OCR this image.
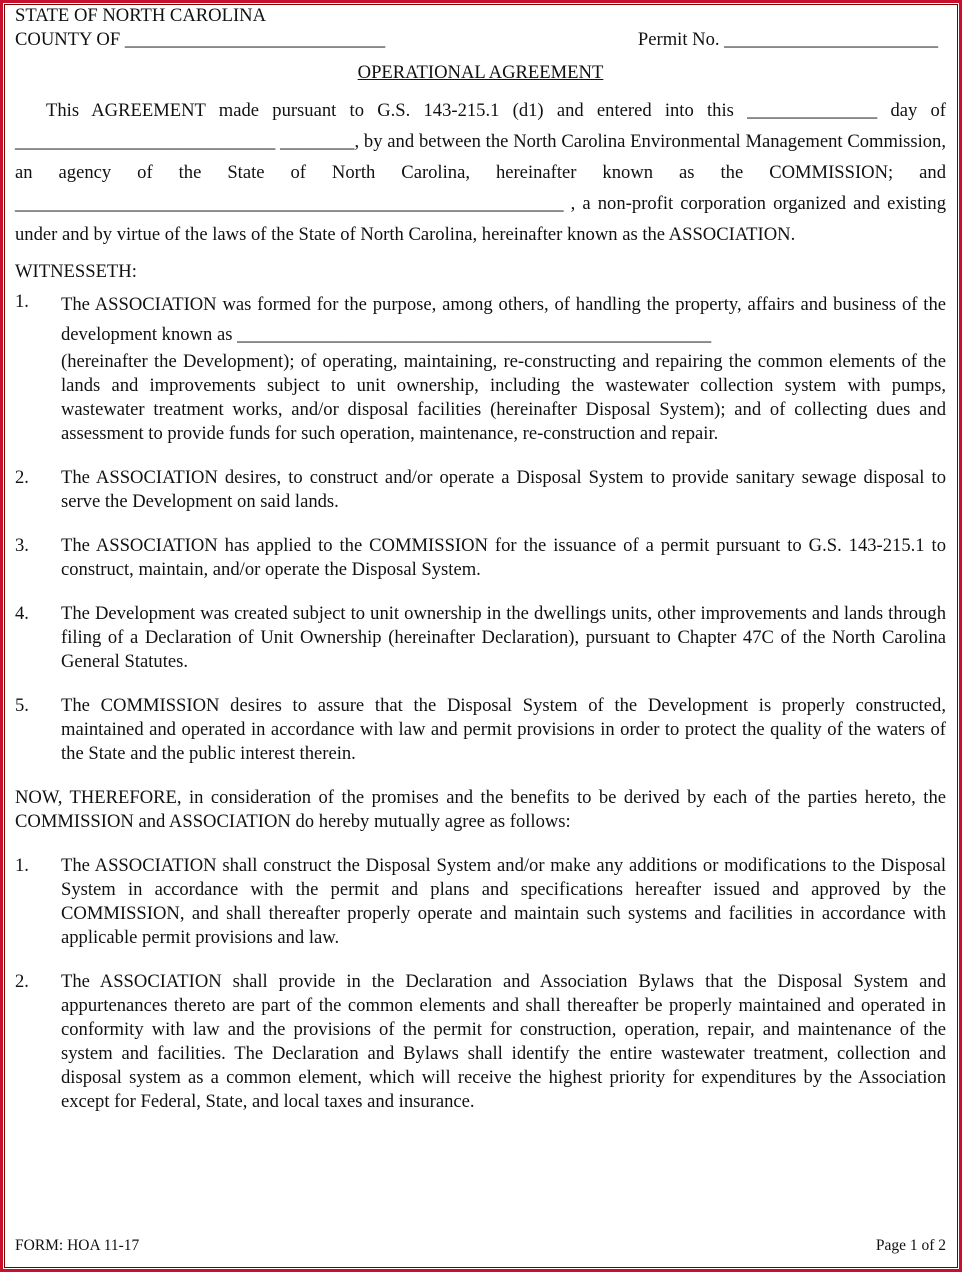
STATE OF NORTH CAROLINA
COUNTY OF ____________________________	Permit No. _______________________
OPERATIONAL AGREEMENT
This AGREEMENT made pursuant to G.S. 143-215.1 (d1) and entered into this ______________ day of ____________________________ ________, by and between the North Carolina Environmental Management Commission, an agency of the State of North Carolina, hereinafter known as the COMMISSION; and ___________________________________________________________ , a non-profit corporation organized and existing under and by virtue of the laws of the State of North Carolina, hereinafter known as the ASSOCIATION.
WITNESSETH:
1.	The ASSOCIATION was formed for the purpose, among others, of handling the property, affairs and business of the development known as ___________________________________________________
(hereinafter the Development); of operating, maintaining, re-constructing and repairing the common elements of the lands and improvements subject to unit ownership, including the wastewater collection system with pumps, wastewater treatment works, and/or disposal facilities (hereinafter Disposal System); and of collecting dues and assessment to provide funds for such operation, maintenance, re-construction and repair.
2.	The ASSOCIATION desires, to construct and/or operate a Disposal System to provide sanitary sewage disposal to serve the Development on said lands.
3.	The ASSOCIATION has applied to the COMMISSION for the issuance of a permit pursuant to G.S. 143-215.1 to construct, maintain, and/or operate the Disposal System.
4.	The Development was created subject to unit ownership in the dwellings units, other improvements and lands through filing of a Declaration of Unit Ownership (hereinafter Declaration), pursuant to Chapter 47C of the North Carolina General Statutes.
5.	The COMMISSION desires to assure that the Disposal System of the Development is properly constructed, maintained and operated in accordance with law and permit provisions in order to protect the quality of the waters of the State and the public interest therein.
NOW, THEREFORE, in consideration of the promises and the benefits to be derived by each of the parties hereto, the COMMISSION and ASSOCIATION do hereby mutually agree as follows:
1.	The ASSOCIATION shall construct the Disposal System and/or make any additions or modifications to the Disposal System in accordance with the permit and plans and specifications hereafter issued and approved by the COMMISSION, and shall thereafter properly operate and maintain such systems and facilities in accordance with applicable permit provisions and law.
2.	The ASSOCIATION shall provide in the Declaration and Association Bylaws that the Disposal System and appurtenances thereto are part of the common elements and shall thereafter be properly maintained and operated in conformity with law and the provisions of the permit for construction, operation, repair, and maintenance of the system and facilities. The Declaration and Bylaws shall identify the entire wastewater treatment, collection and disposal system as a common element, which will receive the highest priority for expenditures by the Association except for Federal, State, and local taxes and insurance.
FORM: HOA 11-17	Page 1 of 2
